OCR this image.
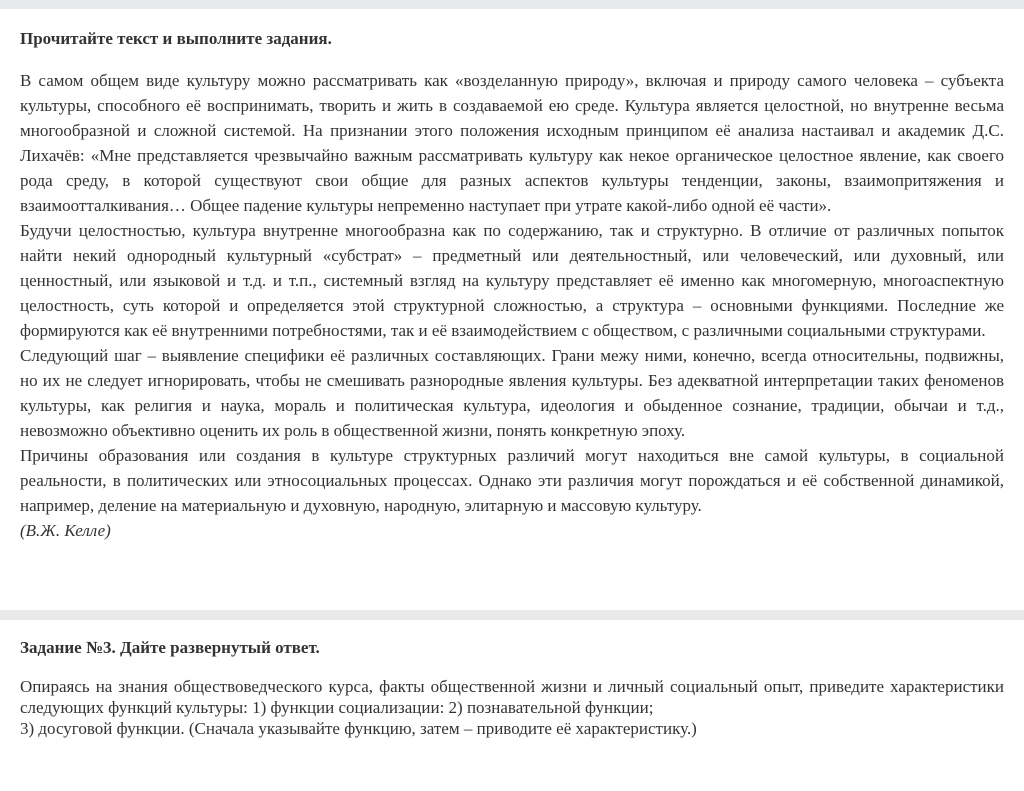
Прочитайте текст и выполните задания.

В самом общем виде культуру можно рассматривать как «возделанную природу», включая и природу самого человека – субъекта культуры, способного её воспринимать, творить и жить в создаваемой ею среде. Культура является целостной, но внутренне весьма многообразной и сложной системой. На признании этого положения исходным принципом её анализа настаивал и академик Д.С. Лихачёв: «Мне представляется чрезвычайно важным рассматривать культуру как некое органическое целостное явление, как своего рода среду, в которой существуют свои общие для разных аспектов культуры тенденции, законы, взаимопритяжения и взаимоотталкивания… Общее падение культуры непременно наступает при утрате какой-либо одной её части».

Будучи целостностью, культура внутренне многообразна как по содержанию, так и структурно. В отличие от различных попыток найти некий однородный культурный «субстрат» – предметный или деятельностный, или человеческий, или духовный, или ценностный, или языковой и т.д. и т.п., системный взгляд на культуру представляет её именно как многомерную, многоаспектную целостность, суть которой и определяется этой структурной сложностью, а структура – основными функциями. Последние же формируются как её внутренними потребностями, так и её взаимодействием с обществом, с различными социальными структурами.

Следующий шаг – выявление специфики её различных составляющих. Грани межу ними, конечно, всегда относительны, подвижны, но их не следует игнорировать, чтобы не смешивать разнородные явления культуры. Без адекватной интерпретации таких феноменов культуры, как религия и наука, мораль и политическая культура, идеология и обыденное сознание, традиции, обычаи и т.д., невозможно объективно оценить их роль в общественной жизни, понять конкретную эпоху.

Причины образования или создания в культуре структурных различий могут находиться вне самой культуры, в социальной реальности, в политических или этносоциальных процессах. Однако эти различия могут порождаться и её собственной динамикой, например, деление на материальную и духовную, народную, элитарную и массовую культуру.

(В.Ж. Келле)

Задание №3. Дайте развернутый ответ.

Опираясь на знания обществоведческого курса, факты общественной жизни и личный социальный опыт, приведите характеристики следующих функций культуры: 1) функции социализации: 2) познавательной функции;

3) досуговой функции. (Сначала указывайте функцию, затем – приводите её характеристику.)
